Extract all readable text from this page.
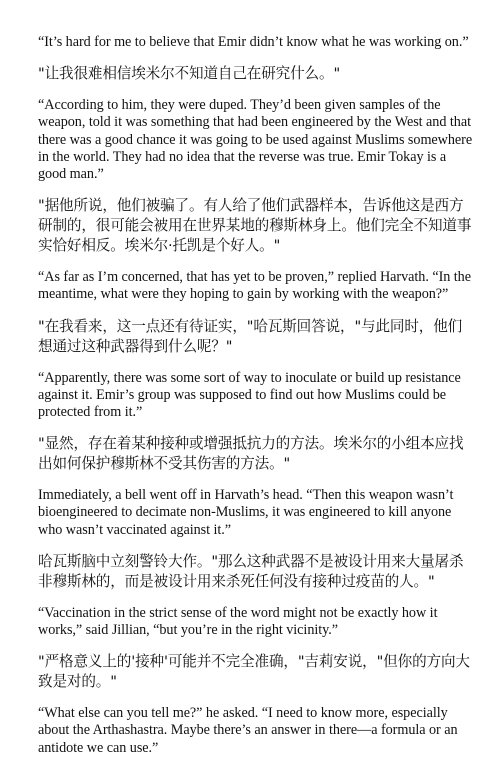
“It’s hard for me to believe that Emir didn’t know what he was working on.”

"让我很难相信埃米尔不知道自己在研究什么。"

“According to him, they were duped. They’d been given samples of the weapon, told it was something that had been engineered by the West and that there was a good chance it was going to be used against Muslims somewhere in the world. They had no idea that the reverse was true. Emir Tokay is a good man.”

"据他所说，他们被骗了。有人给了他们武器样本，告诉他这是西方研制的，很可能会被用在世界某地的穆斯林身上。他们完全不知道事实恰好相反。埃米尔·托凯是个好人。"

“As far as I’m concerned, that has yet to be proven,” replied Harvath. “In the meantime, what were they hoping to gain by working with the weapon?”

"在我看来，这一点还有待证实，"哈瓦斯回答说，"与此同时，他们想通过这种武器得到什么呢？"

“Apparently, there was some sort of way to inoculate or build up resistance against it. Emir’s group was supposed to find out how Muslims could be protected from it.”

"显然，存在着某种接种或增强抵抗力的方法。埃米尔的小组本应找出如何保护穆斯林不受其伤害的方法。"

Immediately, a bell went off in Harvath’s head. “Then this weapon wasn’t bioengineered to decimate non-Muslims, it was engineered to kill anyone who wasn’t vaccinated against it.”

哈瓦斯脑中立刻警铃大作。"那么这种武器不是被设计用来大量屠杀非穆斯林的，而是被设计用来杀死任何没有接种过疫苗的人。"

“Vaccination in the strict sense of the word might not be exactly how it works,” said Jillian, “but you’re in the right vicinity.”

"严格意义上的'接种'可能并不完全准确，"吉莉安说，"但你的方向大致是对的。"

“What else can you tell me?” he asked. “I need to know more, especially about the Arthashastra. Maybe there’s an answer in there—a formula or an antidote we can use.”
